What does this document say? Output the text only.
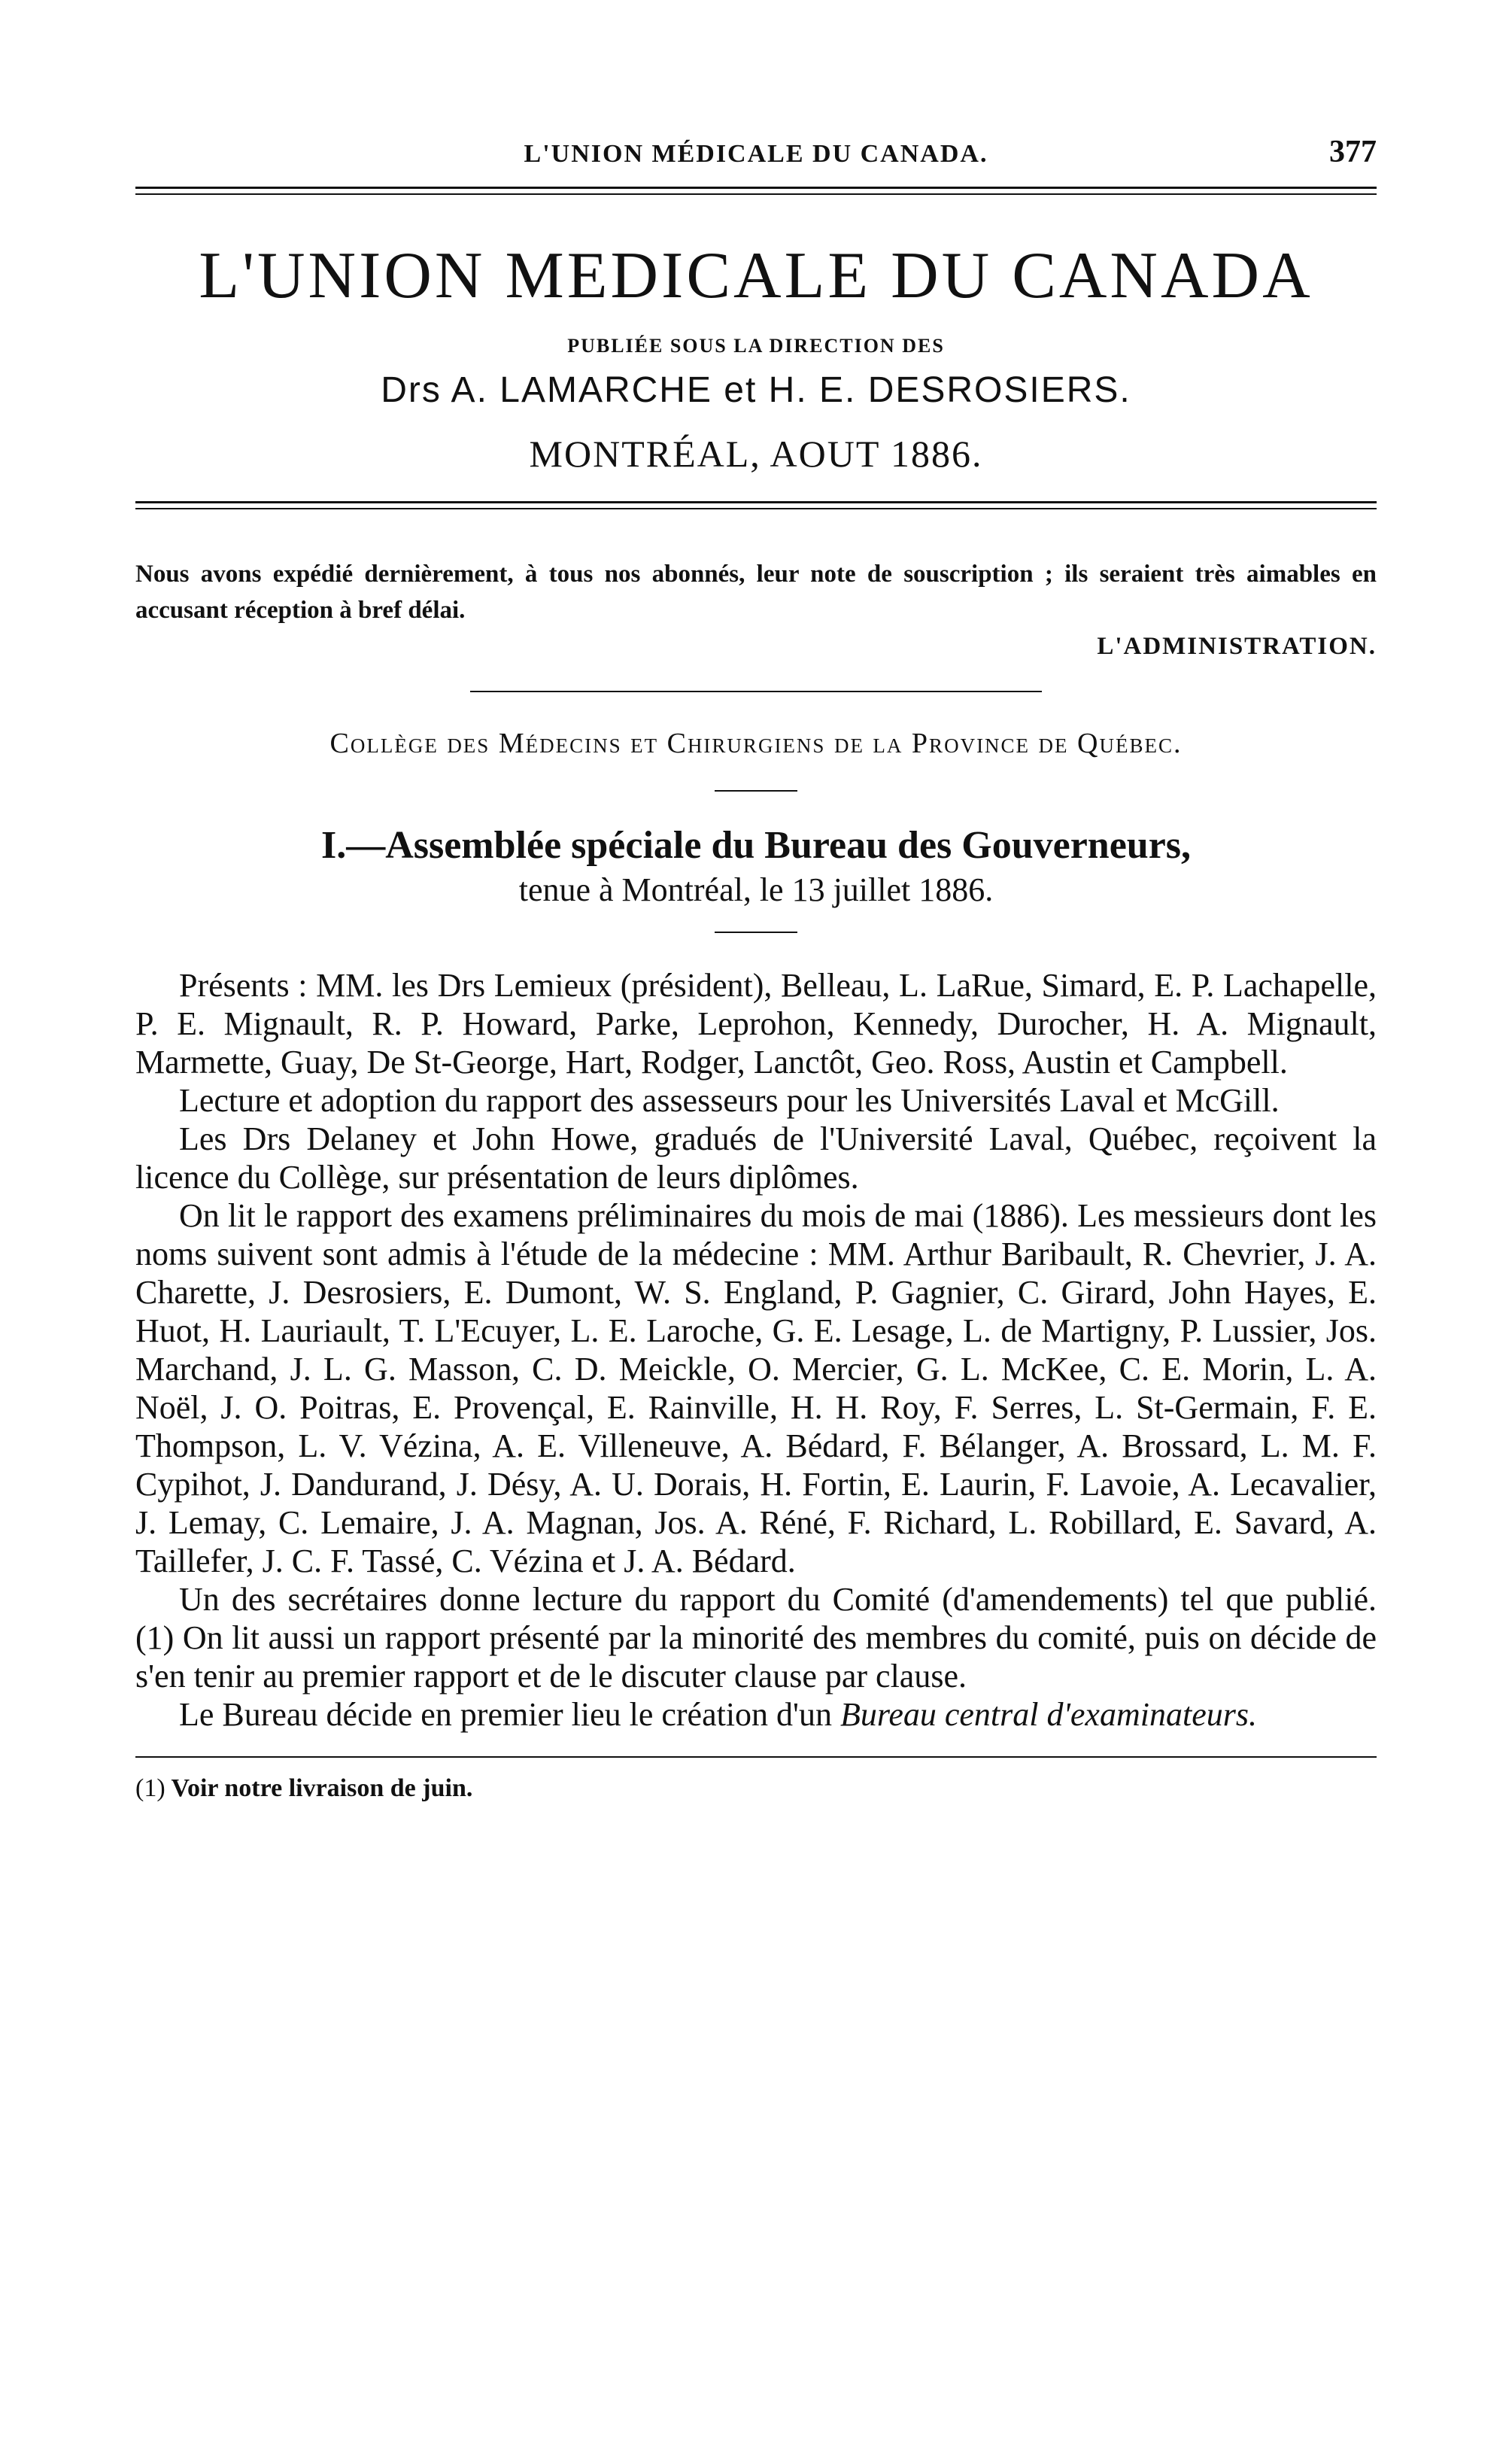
L'UNION MÉDICALE DU CANADA.	377
L'UNION MEDICALE DU CANADA
PUBLIÉE SOUS LA DIRECTION DES
Drs A. LAMARCHE et H. E. DESROSIERS.
MONTRÉAL, AOUT 1886.
Nous avons expédié dernièrement, à tous nos abonnés, leur note de souscription ; ils seraient très aimables en accusant réception à bref délai.
L'ADMINISTRATION.
Collège des Médecins et Chirurgiens de la Province de Québec.
I.—Assemblée spéciale du Bureau des Gouverneurs,
tenue à Montréal, le 13 juillet 1886.

Présents : MM. les Drs Lemieux (président), Belleau, L. LaRue, Simard, E. P. Lachapelle, P. E. Mignault, R. P. Howard, Parke, Leprohon, Kennedy, Durocher, H. A. Mignault, Marmette, Guay, De St-George, Hart, Rodger, Lanctôt, Geo. Ross, Austin et Campbell.

Lecture et adoption du rapport des assesseurs pour les Universités Laval et McGill.

Les Drs Delaney et John Howe, gradués de l'Université Laval, Québec, reçoivent la licence du Collège, sur présentation de leurs diplômes.

On lit le rapport des examens préliminaires du mois de mai (1886). Les messieurs dont les noms suivent sont admis à l'étude de la médecine : MM. Arthur Baribault, R. Chevrier, J. A. Charette, J. Desrosiers, E. Dumont, W. S. England, P. Gagnier, C. Girard, John Hayes, E. Huot, H. Lauriault, T. L'Ecuyer, L. E. Laroche, G. E. Lesage, L. de Martigny, P. Lussier, Jos. Marchand, J. L. G. Masson, C. D. Meickle, O. Mercier, G. L. McKee, C. E. Morin, L. A. Noël, J. O. Poitras, E. Provençal, E. Rainville, H. H. Roy, F. Serres, L. St-Germain, F. E. Thompson, L. V. Vézina, A. E. Villeneuve, A. Bédard, F. Bélanger, A. Brossard, L. M. F. Cypihot, J. Dandurand, J. Désy, A. U. Dorais, H. Fortin, E. Laurin, F. Lavoie, A. Lecavalier, J. Lemay, C. Lemaire, J. A. Magnan, Jos. A. Réné, F. Richard, L. Robillard, E. Savard, A. Taillefer, J. C. F. Tassé, C. Vézina et J. A. Bédard.

Un des secrétaires donne lecture du rapport du Comité (d'amendements) tel que publié. (1) On lit aussi un rapport présenté par la minorité des membres du comité, puis on décide de s'en tenir au premier rapport et de le discuter clause par clause.

Le Bureau décide en premier lieu le création d'un Bureau central d'examinateurs.

(1) Voir notre livraison de juin.
